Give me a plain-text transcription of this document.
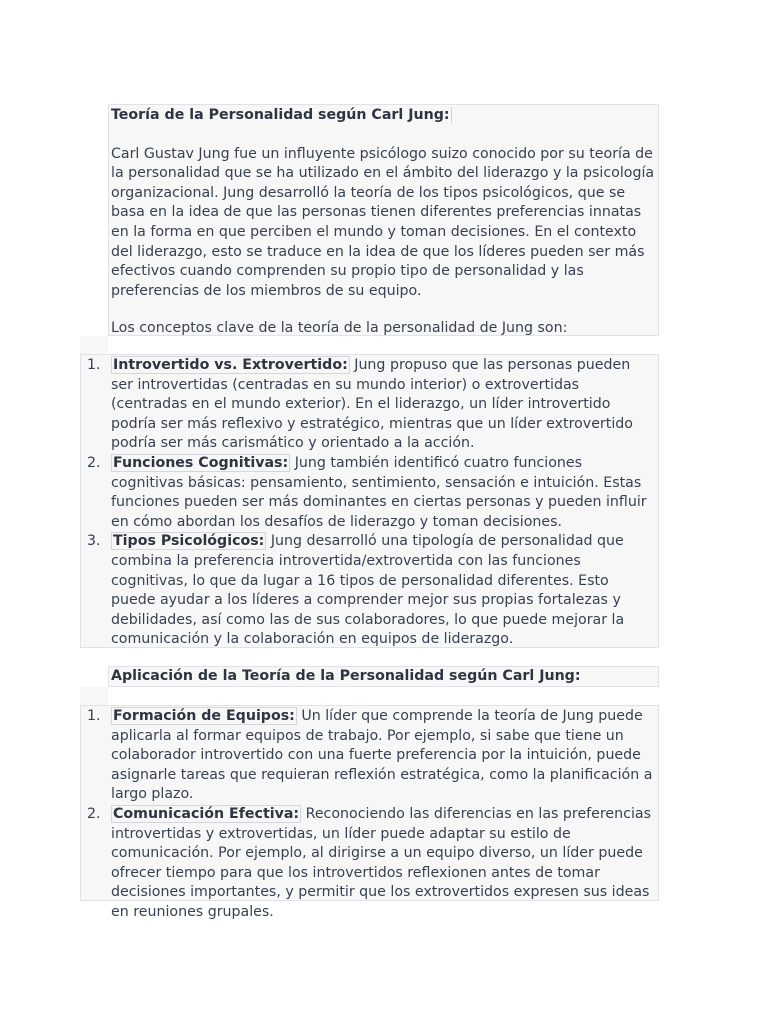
Teoría de la Personalidad según Carl Jung:

Carl Gustav Jung fue un influyente psicólogo suizo conocido por su teoría de la personalidad que se ha utilizado en el ámbito del liderazgo y la psicología organizacional. Jung desarrolló la teoría de los tipos psicológicos, que se basa en la idea de que las personas tienen diferentes preferencias innatas en la forma en que perciben el mundo y toman decisiones. En el contexto del liderazgo, esto se traduce en la idea de que los líderes pueden ser más efectivos cuando comprenden su propio tipo de personalidad y las preferencias de los miembros de su equipo.

Los conceptos clave de la teoría de la personalidad de Jung son:

1. Introvertido vs. Extrovertido: Jung propuso que las personas pueden ser introvertidas (centradas en su mundo interior) o extrovertidas (centradas en el mundo exterior). En el liderazgo, un líder introvertido podría ser más reflexivo y estratégico, mientras que un líder extrovertido podría ser más carismático y orientado a la acción.
2. Funciones Cognitivas: Jung también identificó cuatro funciones cognitivas básicas: pensamiento, sentimiento, sensación e intuición. Estas funciones pueden ser más dominantes en ciertas personas y pueden influir en cómo abordan los desafíos de liderazgo y toman decisiones.
3. Tipos Psicológicos: Jung desarrolló una tipología de personalidad que combina la preferencia introvertida/extrovertida con las funciones cognitivas, lo que da lugar a 16 tipos de personalidad diferentes. Esto puede ayudar a los líderes a comprender mejor sus propias fortalezas y debilidades, así como las de sus colaboradores, lo que puede mejorar la comunicación y la colaboración en equipos de liderazgo.

Aplicación de la Teoría de la Personalidad según Carl Jung:

1. Formación de Equipos: Un líder que comprende la teoría de Jung puede aplicarla al formar equipos de trabajo. Por ejemplo, si sabe que tiene un colaborador introvertido con una fuerte preferencia por la intuición, puede asignarle tareas que requieran reflexión estratégica, como la planificación a largo plazo.
2. Comunicación Efectiva: Reconociendo las diferencias en las preferencias introvertidas y extrovertidas, un líder puede adaptar su estilo de comunicación. Por ejemplo, al dirigirse a un equipo diverso, un líder puede ofrecer tiempo para que los introvertidos reflexionen antes de tomar decisiones importantes, y permitir que los extrovertidos expresen sus ideas en reuniones grupales.
